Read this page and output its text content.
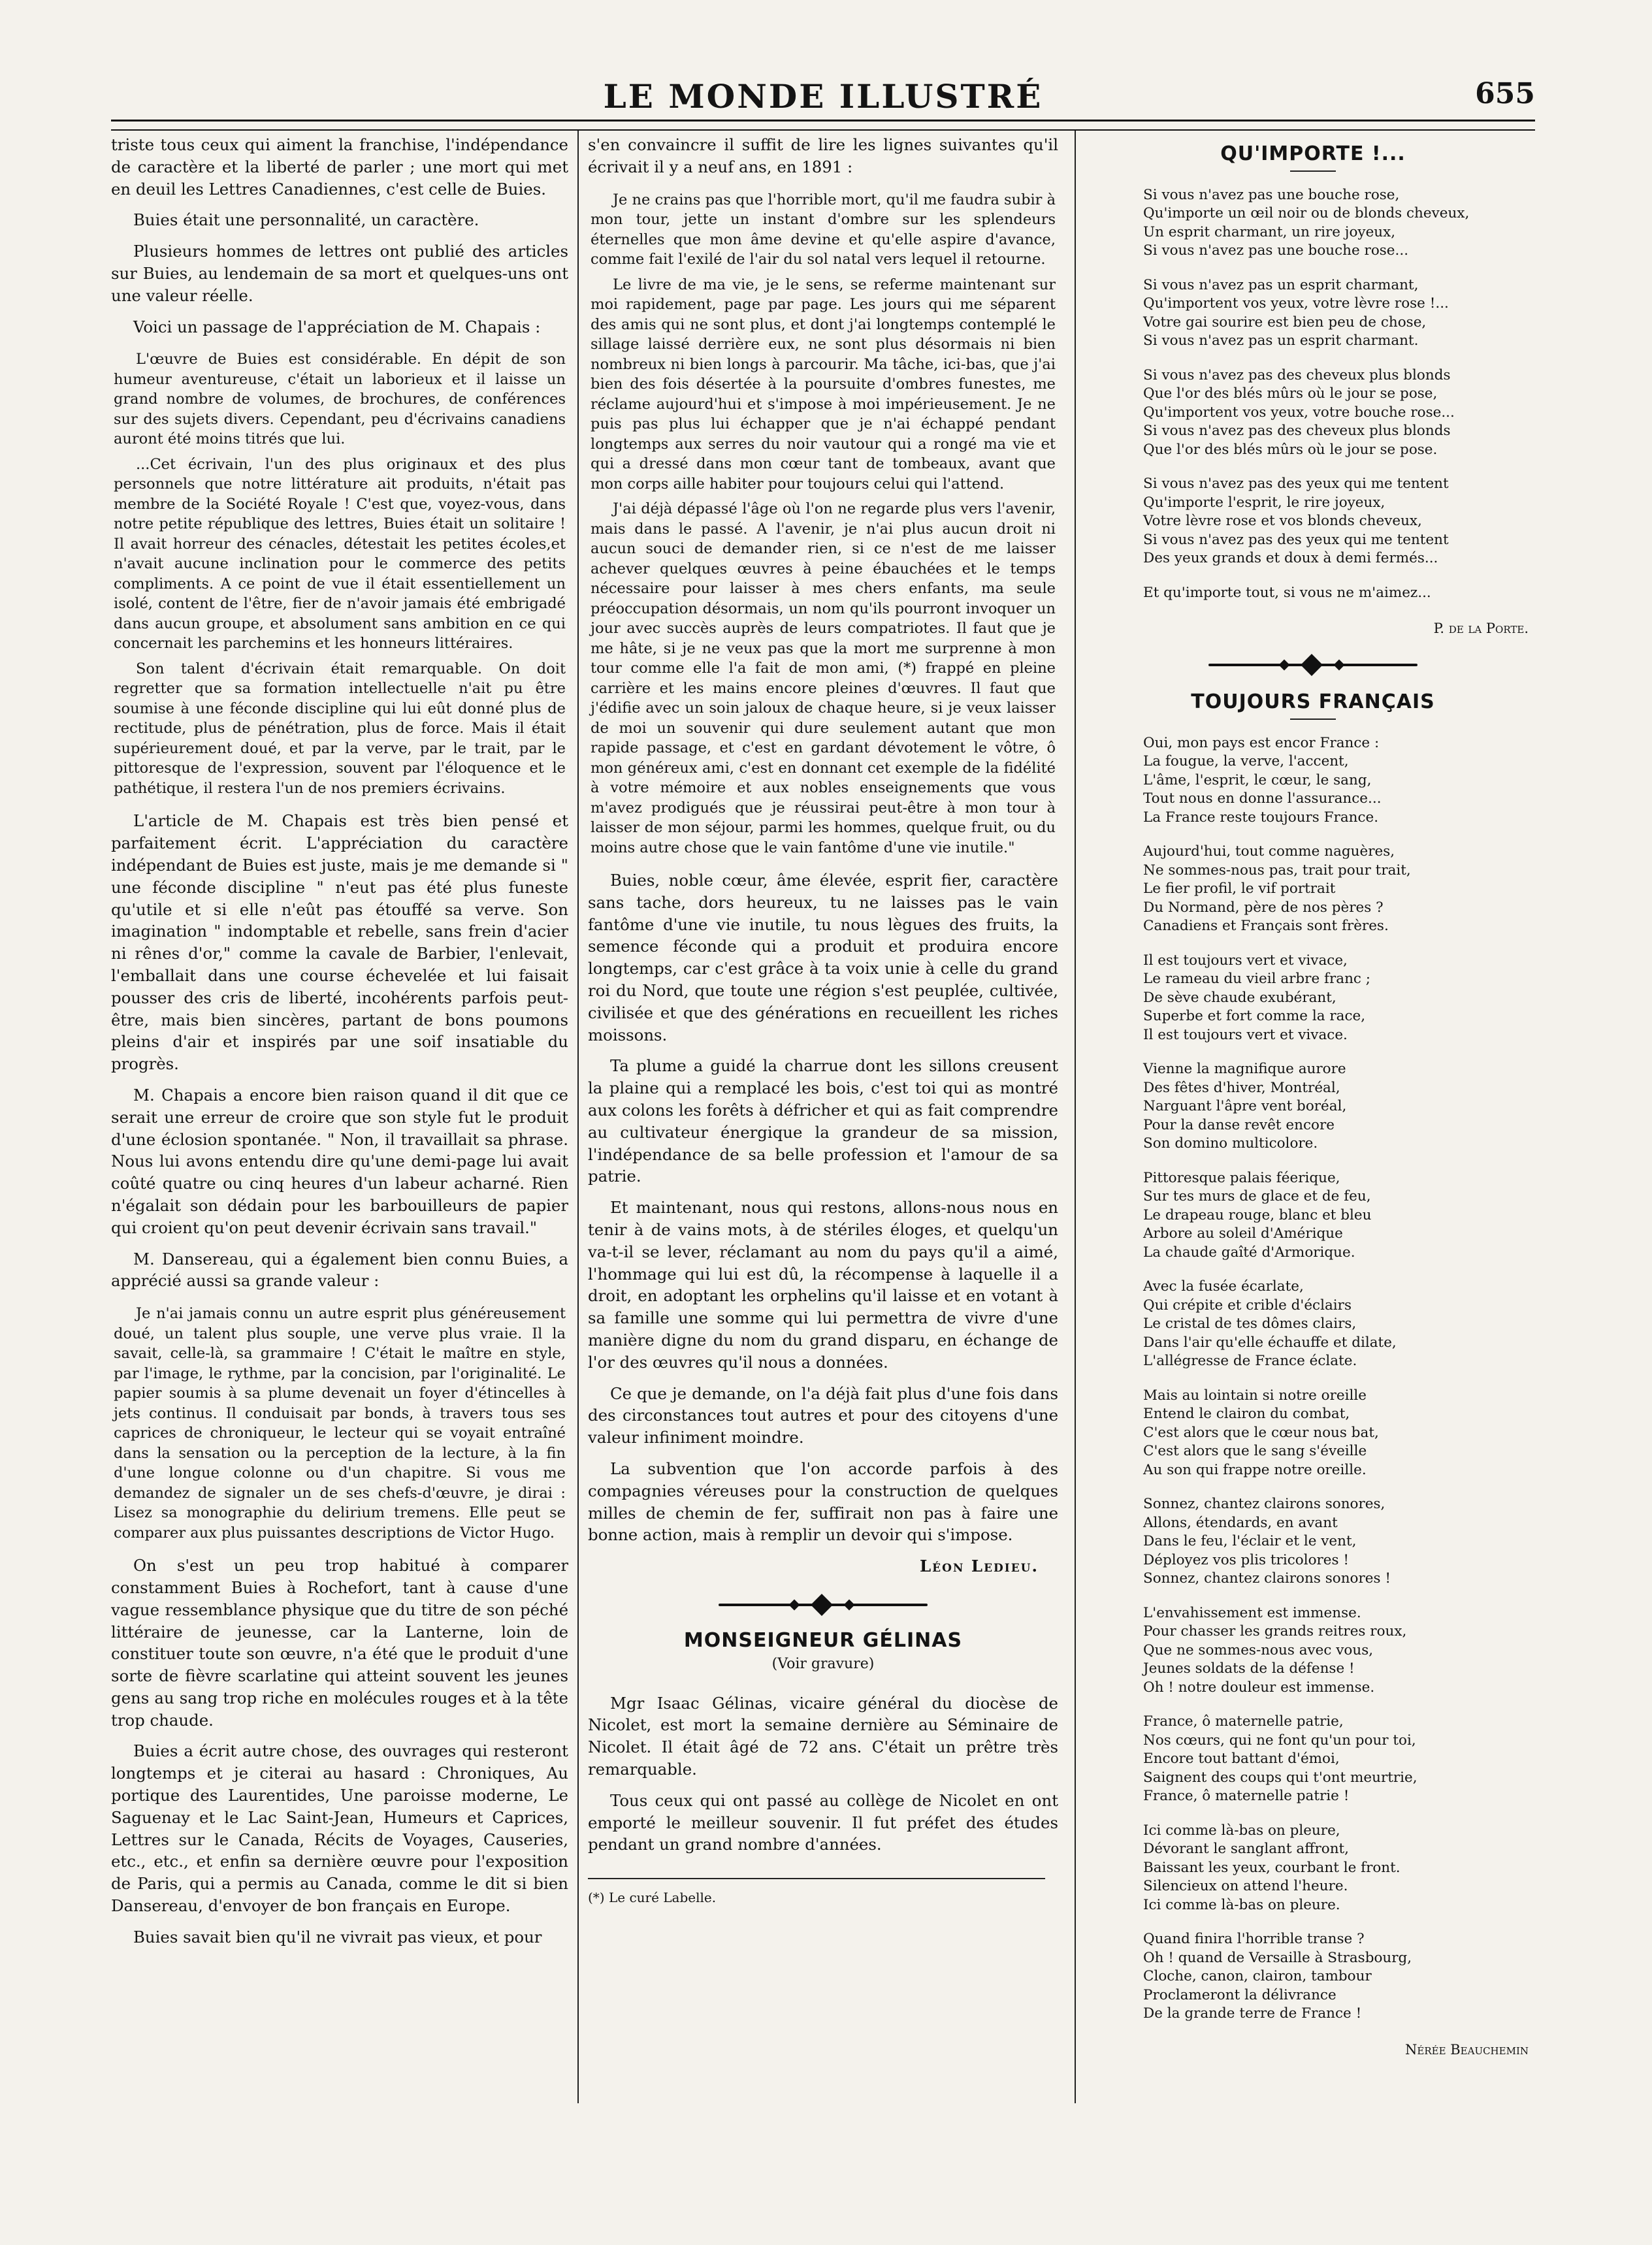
LE MONDE ILLUSTRÉ	655

triste tous ceux qui aiment la franchise, l'indépendance de caractère et la liberté de parler ; une mort qui met en deuil les Lettres Canadiennes, c'est celle de Buies.

Buies était une personnalité, un caractère.

Plusieurs hommes de lettres ont publié des articles sur Buies, au lendemain de sa mort et quelques-uns ont une valeur réelle.

Voici un passage de l'appréciation de M. Chapais :

L'œuvre de Buies est considérable. En dépit de son humeur aventureuse, c'était un laborieux et il laisse un grand nombre de volumes, de brochures, de conférences sur des sujets divers. Cependant, peu d'écrivains canadiens auront été moins titrés que lui.

...Cet écrivain, l'un des plus originaux et des plus personnels que notre littérature ait produits, n'était pas membre de la Société Royale ! C'est que, voyez-vous, dans notre petite république des lettres, Buies était un solitaire ! Il avait horreur des cénacles, détestait les petites écoles,et n'avait aucune inclination pour le commerce des petits compliments. A ce point de vue il était essentiellement un isolé, content de l'être, fier de n'avoir jamais été embrigadé dans aucun groupe, et absolument sans ambition en ce qui concernait les parchemins et les honneurs littéraires.

Son talent d'écrivain était remarquable. On doit regretter que sa formation intellectuelle n'ait pu être soumise à une féconde discipline qui lui eût donné plus de rectitude, plus de pénétration, plus de force. Mais il était supérieurement doué, et par la verve, par le trait, par le pittoresque de l'expression, souvent par l'éloquence et le pathétique, il restera l'un de nos premiers écrivains.

L'article de M. Chapais est très bien pensé et parfaitement écrit. L'appréciation du caractère indépendant de Buies est juste, mais je me demande si " une féconde discipline " n'eut pas été plus funeste qu'utile et si elle n'eût pas étouffé sa verve. Son imagination " indomptable et rebelle, sans frein d'acier ni rênes d'or," comme la cavale de Barbier, l'enlevait, l'emballait dans une course échevelée et lui faisait pousser des cris de liberté, incohérents parfois peut-être, mais bien sincères, partant de bons poumons pleins d'air et inspirés par une soif insatiable du progrès.

M. Chapais a encore bien raison quand il dit que ce serait une erreur de croire que son style fut le produit d'une éclosion spontanée. " Non, il travaillait sa phrase. Nous lui avons entendu dire qu'une demi-page lui avait coûté quatre ou cinq heures d'un labeur acharné. Rien n'égalait son dédain pour les barbouilleurs de papier qui croient qu'on peut devenir écrivain sans travail."

M. Dansereau, qui a également bien connu Buies, a apprécié aussi sa grande valeur :

Je n'ai jamais connu un autre esprit plus généreusement doué, un talent plus souple, une verve plus vraie. Il la savait, celle-là, sa grammaire ! C'était le maître en style, par l'image, le rythme, par la concision, par l'originalité. Le papier soumis à sa plume devenait un foyer d'étincelles à jets continus. Il conduisait par bonds, à travers tous ses caprices de chroniqueur, le lecteur qui se voyait entraîné dans la sensation ou la perception de la lecture, à la fin d'une longue colonne ou d'un chapitre. Si vous me demandez de signaler un de ses chefs-d'œuvre, je dirai : Lisez sa monographie du delirium tremens. Elle peut se comparer aux plus puissantes descriptions de Victor Hugo.

On s'est un peu trop habitué à comparer constamment Buies à Rochefort, tant à cause d'une vague ressemblance physique que du titre de son péché littéraire de jeunesse, car la Lanterne, loin de constituer toute son œuvre, n'a été que le produit d'une sorte de fièvre scarlatine qui atteint souvent les jeunes gens au sang trop riche en molécules rouges et à la tête trop chaude.

Buies a écrit autre chose, des ouvrages qui resteront longtemps et je citerai au hasard : Chroniques, Au portique des Laurentides, Une paroisse moderne, Le Saguenay et le Lac Saint-Jean, Humeurs et Caprices, Lettres sur le Canada, Récits de Voyages, Causeries, etc., etc., et enfin sa dernière œuvre pour l'exposition de Paris, qui a permis au Canada, comme le dit si bien Dansereau, d'envoyer de bon français en Europe.

Buies savait bien qu'il ne vivrait pas vieux, et pour

s'en convaincre il suffit de lire les lignes suivantes qu'il écrivait il y a neuf ans, en 1891 :

Je ne crains pas que l'horrible mort, qu'il me faudra subir à mon tour, jette un instant d'ombre sur les splendeurs éternelles que mon âme devine et qu'elle aspire d'avance, comme fait l'exilé de l'air du sol natal vers lequel il retourne.

Le livre de ma vie, je le sens, se referme maintenant sur moi rapidement, page par page. Les jours qui me séparent des amis qui ne sont plus, et dont j'ai longtemps contemplé le sillage laissé derrière eux, ne sont plus désormais ni bien nombreux ni bien longs à parcourir. Ma tâche, ici-bas, que j'ai bien des fois désertée à la poursuite d'ombres funestes, me réclame aujourd'hui et s'impose à moi impérieusement. Je ne puis pas plus lui échapper que je n'ai échappé pendant longtemps aux serres du noir vautour qui a rongé ma vie et qui a dressé dans mon cœur tant de tombeaux, avant que mon corps aille habiter pour toujours celui qui l'attend.

J'ai déjà dépassé l'âge où l'on ne regarde plus vers l'avenir, mais dans le passé. A l'avenir, je n'ai plus aucun droit ni aucun souci de demander rien, si ce n'est de me laisser achever quelques œuvres à peine ébauchées et le temps nécessaire pour laisser à mes chers enfants, ma seule préoccupation désormais, un nom qu'ils pourront invoquer un jour avec succès auprès de leurs compatriotes. Il faut que je me hâte, si je ne veux pas que la mort me surprenne à mon tour comme elle l'a fait de mon ami, (*) frappé en pleine carrière et les mains encore pleines d'œuvres. Il faut que j'édifie avec un soin jaloux de chaque heure, si je veux laisser de moi un souvenir qui dure seulement autant que mon rapide passage, et c'est en gardant dévotement le vôtre, ô mon généreux ami, c'est en donnant cet exemple de la fidélité à votre mémoire et aux nobles enseignements que vous m'avez prodigués que je réussirai peut-être à mon tour à laisser de mon séjour, parmi les hommes, quelque fruit, ou du moins autre chose que le vain fantôme d'une vie inutile."

Buies, noble cœur, âme élevée, esprit fier, caractère sans tache, dors heureux, tu ne laisses pas le vain fantôme d'une vie inutile, tu nous lègues des fruits, la semence féconde qui a produit et produira encore longtemps, car c'est grâce à ta voix unie à celle du grand roi du Nord, que toute une région s'est peuplée, cultivée, civilisée et que des générations en recueillent les riches moissons.

Ta plume a guidé la charrue dont les sillons creusent la plaine qui a remplacé les bois, c'est toi qui as montré aux colons les forêts à défricher et qui as fait comprendre au cultivateur énergique la grandeur de sa mission, l'indépendance de sa belle profession et l'amour de sa patrie.

Et maintenant, nous qui restons, allons-nous nous en tenir à de vains mots, à de stériles éloges, et quelqu'un va-t-il se lever, réclamant au nom du pays qu'il a aimé, l'hommage qui lui est dû, la récompense à laquelle il a droit, en adoptant les orphelins qu'il laisse et en votant à sa famille une somme qui lui permettra de vivre d'une manière digne du nom du grand disparu, en échange de l'or des œuvres qu'il nous a données.

Ce que je demande, on l'a déjà fait plus d'une fois dans des circonstances tout autres et pour des citoyens d'une valeur infiniment moindre.

La subvention que l'on accorde parfois à des compagnies véreuses pour la construction de quelques milles de chemin de fer, suffirait non pas à faire une bonne action, mais à remplir un devoir qui s'impose.

Léon Ledieu.
MONSEIGNEUR GÉLINAS
(Voir gravure)

Mgr Isaac Gélinas, vicaire général du diocèse de Nicolet, est mort la semaine dernière au Séminaire de Nicolet. Il était âgé de 72 ans. C'était un prêtre très remarquable.

Tous ceux qui ont passé au collège de Nicolet en ont emporté le meilleur souvenir. Il fut préfet des études pendant un grand nombre d'années.

(*) Le curé Labelle.
QU'IMPORTE !...
Si vous n'avez pas une bouche rose,
Qu'importe un œil noir ou de blonds cheveux,
Un esprit charmant, un rire joyeux,
Si vous n'avez pas une bouche rose...
Si vous n'avez pas un esprit charmant,
Qu'importent vos yeux, votre lèvre rose !...
Votre gai sourire est bien peu de chose,
Si vous n'avez pas un esprit charmant.
Si vous n'avez pas des cheveux plus blonds
Que l'or des blés mûrs où le jour se pose,
Qu'importent vos yeux, votre bouche rose...
Si vous n'avez pas des cheveux plus blonds
Que l'or des blés mûrs où le jour se pose.
Si vous n'avez pas des yeux qui me tentent
Qu'importe l'esprit, le rire joyeux,
Votre lèvre rose et vos blonds cheveux,
Si vous n'avez pas des yeux qui me tentent
Des yeux grands et doux à demi fermés...
Et qu'importe tout, si vous ne m'aimez...
P. de la Porte.
TOUJOURS FRANÇAIS
Oui, mon pays est encor France :
La fougue, la verve, l'accent,
L'âme, l'esprit, le cœur, le sang,
Tout nous en donne l'assurance...
La France reste toujours France.
Aujourd'hui, tout comme naguères,
Ne sommes-nous pas, trait pour trait,
Le fier profil, le vif portrait
Du Normand, père de nos pères ?
Canadiens et Français sont frères.
Il est toujours vert et vivace,
Le rameau du vieil arbre franc ;
De sève chaude exubérant,
Superbe et fort comme la race,
Il est toujours vert et vivace.
Vienne la magnifique aurore
Des fêtes d'hiver, Montréal,
Narguant l'âpre vent boréal,
Pour la danse revêt encore
Son domino multicolore.
Pittoresque palais féerique,
Sur tes murs de glace et de feu,
Le drapeau rouge, blanc et bleu
Arbore au soleil d'Amérique
La chaude gaîté d'Armorique.
Avec la fusée écarlate,
Qui crépite et crible d'éclairs
Le cristal de tes dômes clairs,
Dans l'air qu'elle échauffe et dilate,
L'allégresse de France éclate.
Mais au lointain si notre oreille
Entend le clairon du combat,
C'est alors que le cœur nous bat,
C'est alors que le sang s'éveille
Au son qui frappe notre oreille.
Sonnez, chantez clairons sonores,
Allons, étendards, en avant
Dans le feu, l'éclair et le vent,
Déployez vos plis tricolores !
Sonnez, chantez clairons sonores !
L'envahissement est immense.
Pour chasser les grands reitres roux,
Que ne sommes-nous avec vous,
Jeunes soldats de la défense !
Oh ! notre douleur est immense.
France, ô maternelle patrie,
Nos cœurs, qui ne font qu'un pour toi,
Encore tout battant d'émoi,
Saignent des coups qui t'ont meurtrie,
France, ô maternelle patrie !
Ici comme là-bas on pleure,
Dévorant le sanglant affront,
Baissant les yeux, courbant le front.
Silencieux on attend l'heure.
Ici comme là-bas on pleure.
Quand finira l'horrible transe ?
Oh ! quand de Versaille à Strasbourg,
Cloche, canon, clairon, tambour
Proclameront la délivrance
De la grande terre de France !
Nérée Beauchemin
